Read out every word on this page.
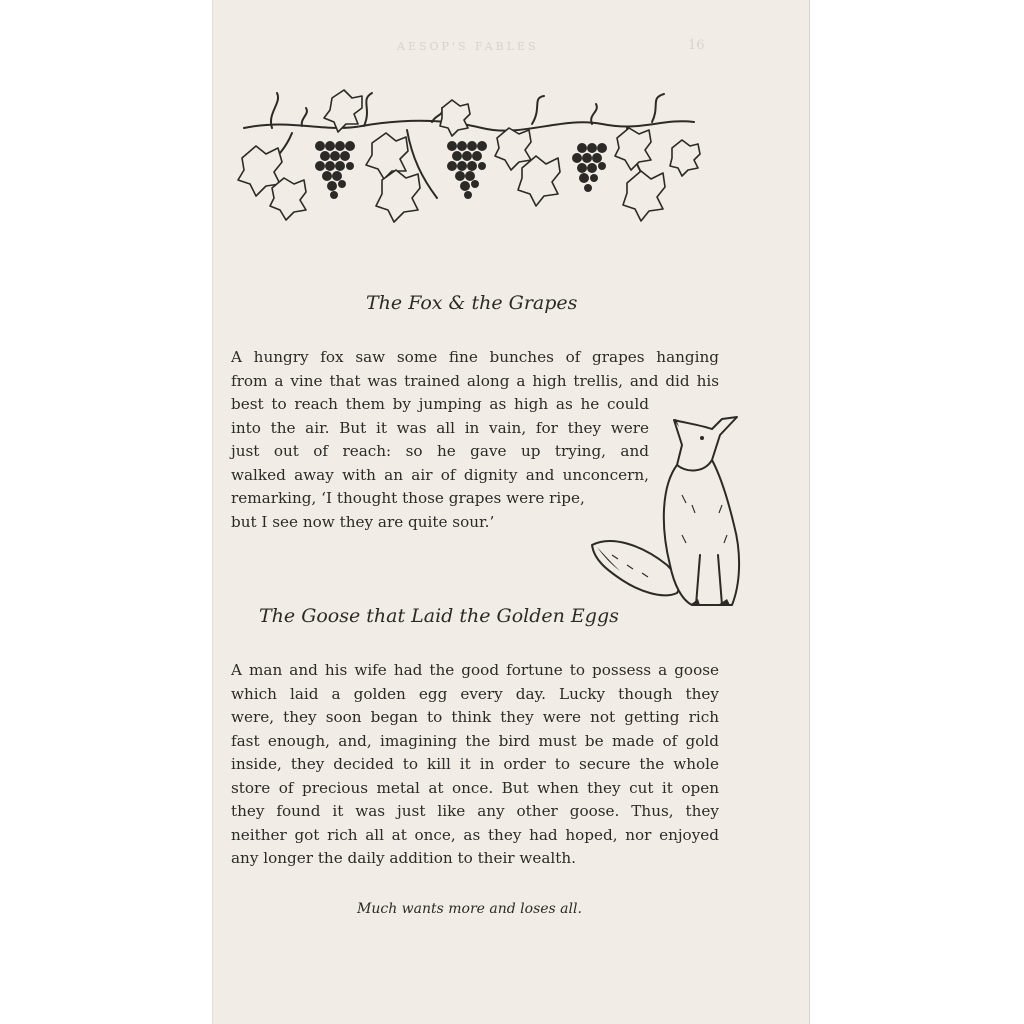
AESOP'S FABLES	16
The Fox & the Grapes
A hungry fox saw some fine bunches of grapes hanging
from a vine that was trained along a high trellis, and did his
best to reach them by jumping as high as he could
into the air. But it was all in vain, for they were
just out of reach: so he gave up trying, and
walked away with an air of dignity and unconcern,
remarking, ‘I thought those grapes were ripe,
but I see now they are quite sour.’
The Goose that Laid the Golden Eggs
A man and his wife had the good fortune to possess a goose
which laid a golden egg every day. Lucky though they
were, they soon began to think they were not getting rich
fast enough, and, imagining the bird must be made of gold
inside, they decided to kill it in order to secure the whole
store of precious metal at once. But when they cut it open
they found it was just like any other goose. Thus, they
neither got rich all at once, as they had hoped, nor enjoyed
any longer the daily addition to their wealth.
Much wants more and loses all.
